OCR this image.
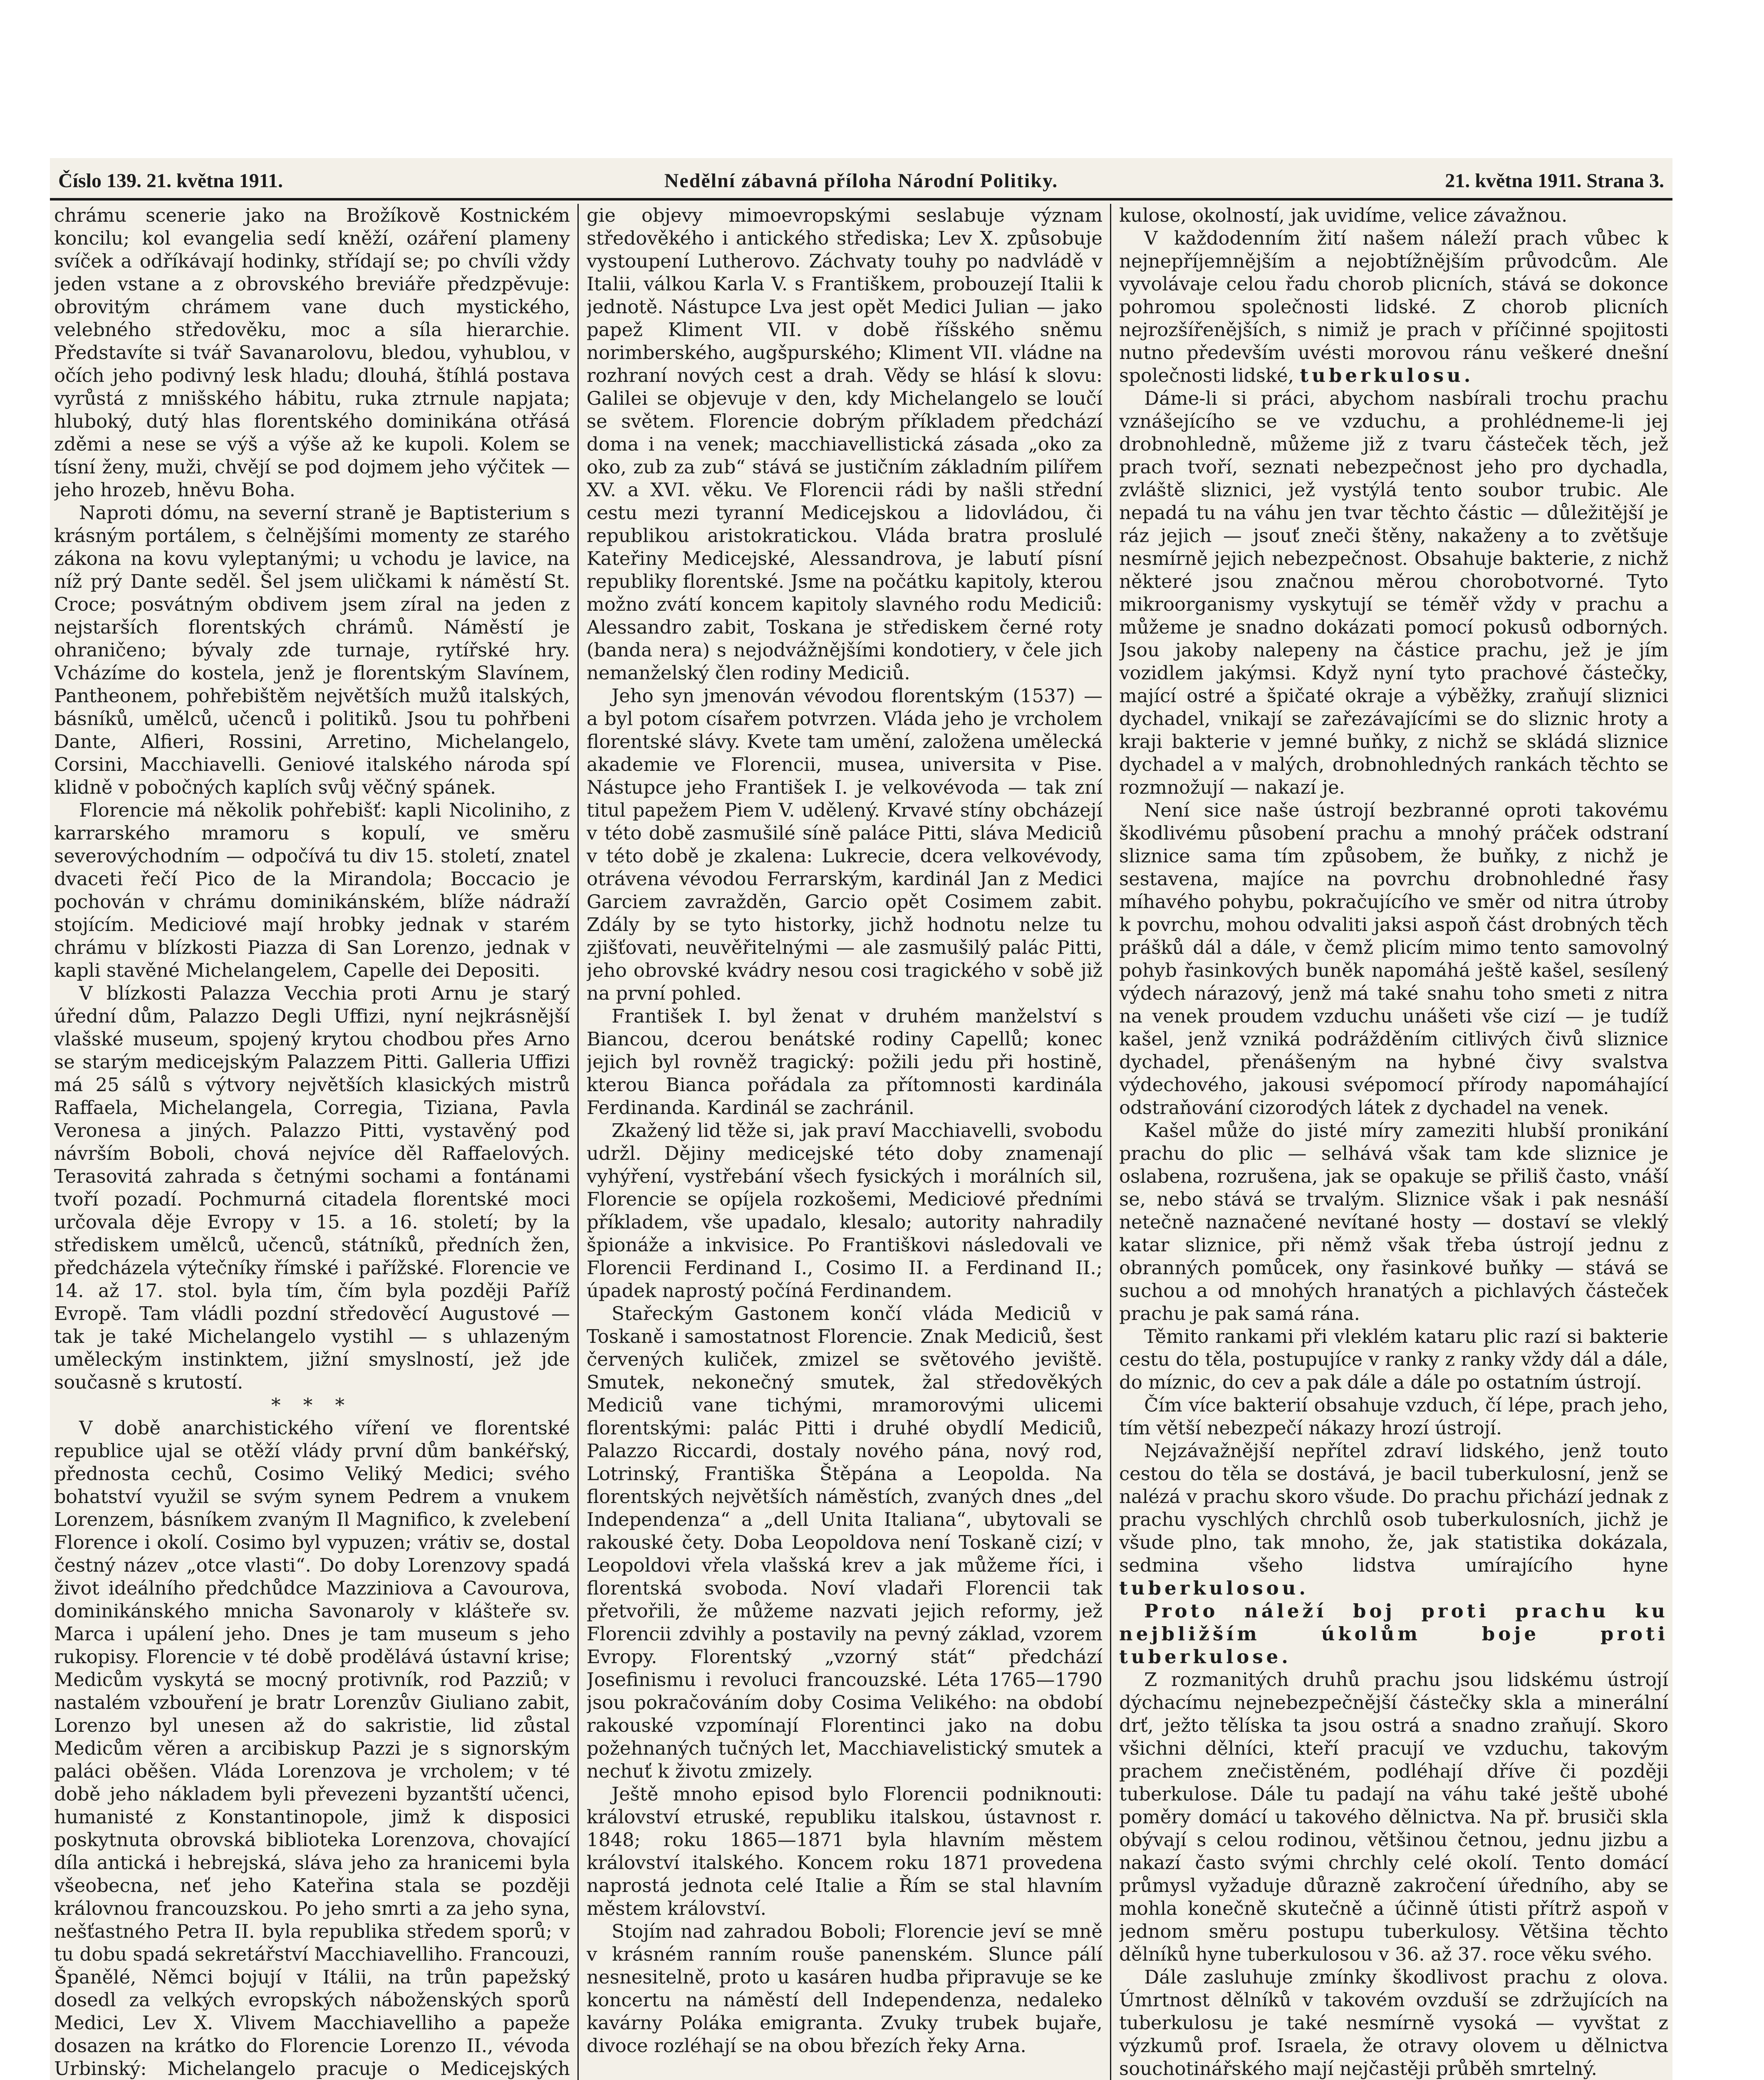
Číslo 139. 21. května 1911.	Nedělní zábavná příloha Národní Politiky.	21. května 1911. Strana 3.

chrámu scenerie jako na Brožíkově Kostnickém koncilu; kol evangelia sedí kněží, ozáření plameny svíček a odříkávají hodinky, střídají se; po chvíli vždy jeden vstane a z obrovského breviáře předzpěvuje: obrovitým chrámem vane duch mystického, velebného středověku, moc a síla hierarchie. Představíte si tvář Savanarolovu, bledou, vyhublou, v očích jeho podivný lesk hladu; dlouhá, štíhlá postava vyrůstá z mnišského hábitu, ruka ztrnule napjata; hluboký, dutý hlas florentského dominikána otřásá zděmi a nese se výš a výše až ke kupoli. Kolem se tísní ženy, muži, chvějí se pod dojmem jeho výčitek — jeho hrozeb, hněvu Boha.

Naproti dómu, na severní straně je Baptisterium s krásným portálem, s čelnějšími momenty ze starého zákona na kovu vyleptanými; u vchodu je lavice, na níž prý Dante seděl. Šel jsem uličkami k náměstí St. Croce; posvátným obdivem jsem zíral na jeden z nejstarších florentských chrámů. Náměstí je ohraničeno; bývaly zde turnaje, rytířské hry. Vcházíme do kostela, jenž je florentským Slavínem, Pantheonem, pohřebištěm největších mužů italských, básníků, umělců, učenců i politiků. Jsou tu pohřbeni Dante, Alfieri, Rossini, Arretino, Michelangelo, Corsini, Macchiavelli. Geniové italského národa spí klidně v pobočných kaplích svůj věčný spánek.

Florencie má několik pohřebišť: kapli Nicoliniho, z karrarského mramoru s kopulí, ve směru severovýchodním — odpočívá tu div 15. století, znatel dvaceti řečí Pico de la Mirandola; Boccacio je pochován v chrámu dominikánském, blíže nádraží stojícím. Mediciové mají hrobky jednak v starém chrámu v blízkosti Piazza di San Lorenzo, jednak v kapli stavěné Michelangelem, Capelle dei Depositi.

V blízkosti Palazza Vecchia proti Arnu je starý úřední dům, Palazzo Degli Uffizi, nyní nejkrásnější vlašské museum, spojený krytou chodbou přes Arno se starým medicejským Palazzem Pitti. Galleria Uffizi má 25 sálů s výtvory největších klasických mistrů Raffaela, Michelangela, Corregia, Tiziana, Pavla Veronesa a jiných. Palazzo Pitti, vystavěný pod návrším Boboli, chová nejvíce děl Raffaelových. Terasovitá zahrada s četnými sochami a fontánami tvoří pozadí. Pochmurná citadela florentské moci určovala děje Evropy v 15. a 16. století; by la střediskem umělců, učenců, státníků, předních žen, předcházela výtečníky římské i pařížské. Florencie ve 14. až 17. stol. byla tím, čím byla později Paříž Evropě. Tam vládli pozdní středověcí Augustové — tak je také Michelangelo vystihl — s uhlazeným uměleckým instinktem, jižní smyslností, jež jde současně s krutostí.

* * *

V době anarchistického víření ve florentské republice ujal se otěží vlády první dům bankéřský, přednosta cechů, Cosimo Veliký Medici; svého bohatství využil se svým synem Pedrem a vnukem Lorenzem, básníkem zvaným Il Magnifico, k zvelebení Florence i okolí. Cosimo byl vypuzen; vrátiv se, dostal čestný název „otce vlasti“. Do doby Lorenzovy spadá život ideálního předchůdce Mazziniova a Cavourova, dominikánského mnicha Savonaroly v klášteře sv. Marca i upálení jeho. Dnes je tam museum s jeho rukopisy. Florencie v té době prodělává ústavní krise; Medicům vyskytá se mocný protivník, rod Pazziů; v nastalém vzbouření je bratr Lorenzův Giuliano zabit, Lorenzo byl unesen až do sakristie, lid zůstal Medicům věren a arcibiskup Pazzi je s signorským paláci oběšen. Vláda Lorenzova je vrcholem; v té době jeho nákladem byli převezeni byzantští učenci, humanisté z Konstantinopole, jimž k disposici poskytnuta obrovská biblioteka Lorenzova, chovající díla antická i hebrejská, sláva jeho za hranicemi byla všeobecna, neť jeho Kateřina stala se později královnou francouzskou. Po jeho smrti a za jeho syna, nešťastného Petra II. byla republika středem sporů; v tu dobu spadá sekretářství Macchiavelliho. Francouzi, Španělé, Němci bojují v Itálii, na trůn papežský dosedl za velkých evropských náboženských sporů Medici, Lev X. Vlivem Macchiavelliho a papeže dosazen na krátko do Florencie Lorenzo II., vévoda Urbinský: Michelangelo pracuje o Medicejských

gie objevy mimoevropskými seslabuje význam středověkého i antického střediska; Lev X. způsobuje vystoupení Lutherovo. Záchvaty touhy po nadvládě v Italii, válkou Karla V. s Františkem, probouzejí Italii k jednotě. Nástupce Lva jest opět Medici Julian — jako papež Kliment VII. v době říšského sněmu norimberského, augšpurského; Kliment VII. vládne na rozhraní nových cest a drah. Vědy se hlásí k slovu: Galilei se objevuje v den, kdy Michelangelo se loučí se světem. Florencie dobrým příkladem předchází doma i na venek; macchiavellistická zásada „oko za oko, zub za zub“ stává se justičním základním pilířem XV. a XVI. věku. Ve Florencii rádi by našli střední cestu mezi tyranní Medicejskou a lidovládou, či republikou aristokratickou. Vláda bratra proslulé Kateřiny Medicejské, Alessandrova, je labutí písní republiky florentské. Jsme na počátku kapitoly, kterou možno zvátí koncem kapitoly slavného rodu Mediciů: Alessandro zabit, Toskana je střediskem černé roty (banda nera) s nejodvážnějšími kondotiery, v čele jich nemanželský člen rodiny Mediciů.

Jeho syn jmenován vévodou florentským (1537) — a byl potom císařem potvrzen. Vláda jeho je vrcholem florentské slávy. Kvete tam umění, založena umělecká akademie ve Florencii, musea, universita v Pise. Nástupce jeho František I. je velkovévoda — tak zní titul papežem Piem V. udělený. Krvavé stíny obcházejí v této době zasmušilé síně paláce Pitti, sláva Mediciů v této době je zkalena: Lukrecie, dcera velkovévody, otrávena vévodou Ferrarským, kardinál Jan z Medici Garciem zavražděn, Garcio opět Cosimem zabit. Zdály by se tyto historky, jichž hodnotu nelze tu zjišťovati, neuvěřitelnými — ale zasmušilý palác Pitti, jeho obrovské kvádry nesou cosi tragického v sobě již na první pohled.

František I. byl ženat v druhém manželství s Biancou, dcerou benátské rodiny Capellů; konec jejich byl rovněž tragický: požili jedu při hostině, kterou Bianca pořádala za přítomnosti kardinála Ferdinanda. Kardinál se zachránil.

Zkažený lid těže si, jak praví Macchiavelli, svobodu udržl. Dějiny medicejské této doby znamenají vyhýření, vystřebání všech fysických i morálních sil, Florencie se opíjela rozkošemi, Mediciové předními příkladem, vše upadalo, klesalo; autority nahradily špionáže a inkvisice. Po Františkovi následovali ve Florencii Ferdinand I., Cosimo II. a Ferdinand II.; úpadek naprostý počíná Ferdinandem.

Stařeckým Gastonem končí vláda Mediciů v Toskaně i samostatnost Florencie. Znak Mediciů, šest červených kuliček, zmizel se světového jeviště. Smutek, nekonečný smutek, žal středověkých Mediciů vane tichými, mramorovými ulicemi florentskými: palác Pitti i druhé obydlí Mediciů, Palazzo Riccardi, dostaly nového pána, nový rod, Lotrinský, Františka Štěpána a Leopolda. Na florentských největších náměstích, zvaných dnes „del Independenza“ a „dell Unita Italiana“, ubytovali se rakouské čety. Doba Leopoldova není Toskaně cizí; v Leopoldovi vřela vlašská krev a jak můžeme říci, i florentská svoboda. Noví vladaři Florencii tak přetvořili, že můžeme nazvati jejich reformy, jež Florencii zdvihly a postavily na pevný základ, vzorem Evropy. Florentský „vzorný stát“ předchází Josefinismu i revoluci francouzské. Léta 1765—1790 jsou pokračováním doby Cosima Velikého: na období rakouské vzpomínají Florentinci jako na dobu požehnaných tučných let, Macchiavelistický smutek a nechuť k životu zmizely.

Ještě mnoho episod bylo Florencii podniknouti: království etruské, republiku italskou, ústavnost r. 1848; roku 1865—1871 byla hlavním městem království italského. Koncem roku 1871 provedena naprostá jednota celé Italie a Řím se stal hlavním městem království.

Stojím nad zahradou Boboli; Florencie jeví se mně v krásném ranním rouše panenském. Slunce pálí nesnesitelně, proto u kasáren hudba připravuje se ke koncertu na náměstí dell Independenza, nedaleko kavárny Poláka emigranta. Zvuky trubek bujaře, divoce rozléhají se na obou březích řeky Arna.

kulose, okolností, jak uvidíme, velice závažnou.

V každodenním žití našem náleží prach vůbec k nejnepříjemnějším a nejobtížnějším průvodcům. Ale vyvolávaje celou řadu chorob plicních, stává se dokonce pohromou společnosti lidské. Z chorob plicních nejrozšířenějších, s nimiž je prach v příčinné spojitosti nutno především uvésti morovou ránu veškeré dnešní společnosti lidské, tuberkulosu.

Dáme-li si práci, abychom nasbírali trochu prachu vznášejícího se ve vzduchu, a prohlédneme-li jej drobnohledně, můžeme již z tvaru částeček těch, jež prach tvoří, seznati nebezpečnost jeho pro dychadla, zvláště sliznici, jež vystýlá tento soubor trubic. Ale nepadá tu na váhu jen tvar těchto částic — důležitější je ráz jejich — jsouť zneči štěny, nakaženy a to zvětšuje nesmírně jejich nebezpečnost. Obsahuje bakterie, z nichž některé jsou značnou měrou chorobotvorné. Tyto mikroorganismy vyskytují se téměř vždy v prachu a můžeme je snadno dokázati pomocí pokusů odborných. Jsou jakoby nalepeny na částice prachu, jež je jím vozidlem jakýmsi. Když nyní tyto prachové částečky, mající ostré a špičaté okraje a výběžky, zraňují sliznici dychadel, vnikají se zařezávajícími se do sliznic hroty a kraji bakterie v jemné buňky, z nichž se skládá sliznice dychadel a v malých, drobnohledných rankách těchto se rozmnožují — nakazí je.

Není sice naše ústrojí bezbranné oproti takovému škodlivému působení prachu a mnohý práček odstraní sliznice sama tím způsobem, že buňky, z nichž je sestavena, majíce na povrchu drobnohledné řasy míhavého pohybu, pokračujícího ve směr od nitra útroby k povrchu, mohou odvaliti jaksi aspoň část drobných těch prášků dál a dále, v čemž plicím mimo tento samovolný pohyb řasinkových buněk napomáhá ještě kašel, sesílený výdech nárazový, jenž má také snahu toho smeti z nitra na venek proudem vzduchu unášeti vše cizí — je tudíž kašel, jenž vzniká podrážděním citlivých čivů sliznice dychadel, přenášeným na hybné čivy svalstva výdechového, jakousi svépomocí přírody napomáhající odstraňování cizorodých látek z dychadel na venek.

Kašel může do jisté míry zameziti hlubší pronikání prachu do plic — selhává však tam kde sliznice je oslabena, rozrušena, jak se opakuje se přiliš často, vnáší se, nebo stává se trvalým. Sliznice však i pak nesnáší netečně naznačené nevítané hosty — dostaví se vleklý katar sliznice, při němž však třeba ústrojí jednu z obranných pomůcek, ony řasinkové buňky — stává se suchou a od mnohých hranatých a pichlavých částeček prachu je pak samá rána.

Těmito rankami při vleklém kataru plic razí si bakterie cestu do těla, postupujíce v ranky z ranky vždy dál a dále, do míznic, do cev a pak dále a dále po ostatním ústrojí.

Čím více bakterií obsahuje vzduch, čí lépe, prach jeho, tím větší nebezpečí nákazy hrozí ústrojí.

Nejzávažnější nepřítel zdraví lidského, jenž touto cestou do těla se dostává, je bacil tuberkulosní, jenž se nalézá v prachu skoro všude. Do prachu přichází jednak z prachu vyschlých chrchlů osob tuberkulosních, jichž je všude plno, tak mnoho, že, jak statistika dokázala, sedmina všeho lidstva umírajícího hyne tuberkulosou.

Proto náleží boj proti prachu ku nejbližším úkolům boje proti tuberkulose.

Z rozmanitých druhů prachu jsou lidskému ústrojí dýchacímu nejnebezpečnější částečky skla a minerální drť, ježto tělíska ta jsou ostrá a snadno zraňují. Skoro všichni dělníci, kteří pracují ve vzduchu, takovým prachem znečistěném, podléhají dříve či později tuberkulose. Dále tu padají na váhu také ještě ubohé poměry domácí u takového dělnictva. Na př. brusiči skla obývají s celou rodinou, většinou četnou, jednu jizbu a nakazí často svými chrchly celé okolí. Tento domácí průmysl vyžaduje důrazně zakročení úředního, aby se mohla konečně skutečně a účinně útisti přítrž aspoň v jednom směru postupu tuberkulosy. Většina těchto dělníků hyne tuberkulosou v 36. až 37. roce věku svého.

Dále zasluhuje zmínky škodlivost prachu z olova. Úmrtnost dělníků v takovém ovzduší se zdržujících na tuberkulosu je také nesmírně vysoká — vyvštat z výzkumů prof. Israela, že otravy olovem u dělnictva souchotinářského mají nejčastěji průběh smrtelný.
